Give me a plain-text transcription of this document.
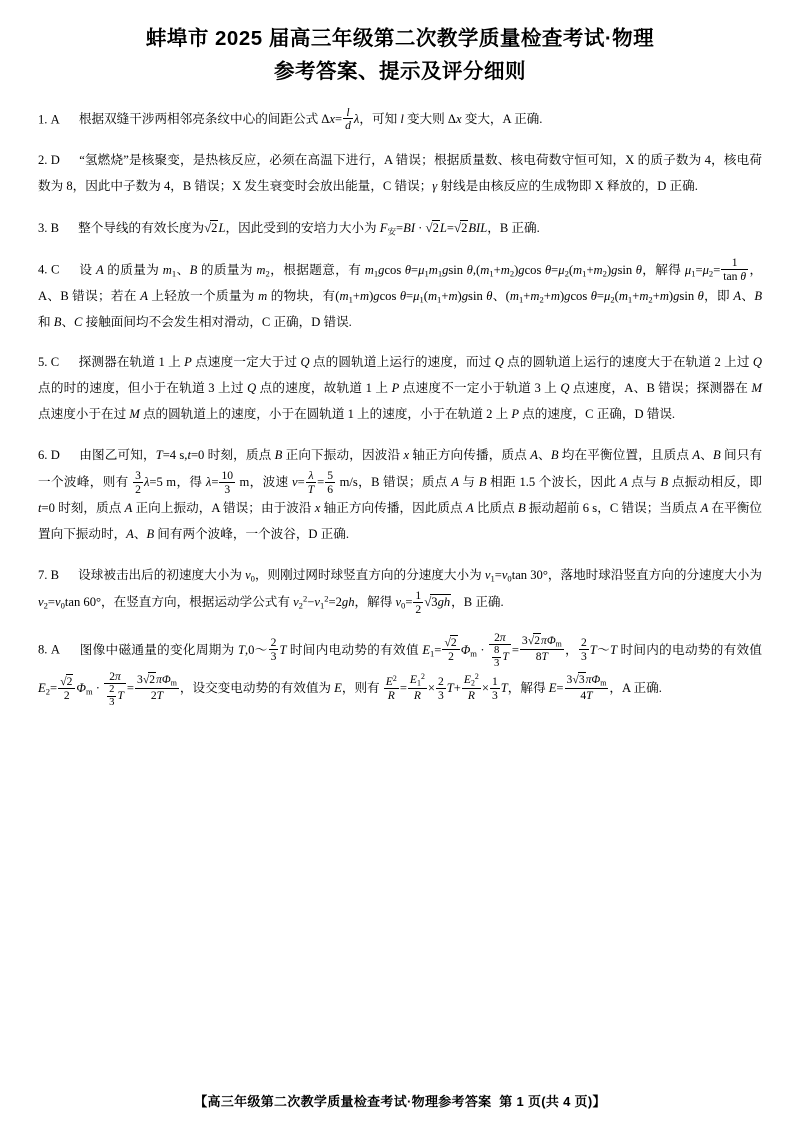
蚌埠市 2025 届高三年级第二次教学质量检查考试·物理
参考答案、提示及评分细则
1. A 根据双缝干涉两相邻亮条纹中心的间距公式 $\Delta x= \frac{l}{d}$ λ，可知 l 变大则 Δx 变大，A 正确.
2. D “氢燃烧”是核聚变，是热核反应，必须在高温下进行，A 错误；根据质量数、核电荷数守恒可知，X 的质子数为 4，核电荷数为 8，因此中子数为 4，B 错误；X 发生衰变时会放出能量，C 错误；γ 射线是由核反应的生成物即 X 释放的，D 正确.
3. B 整个导线的有效长度为√2L，因此受到的安培力大小为 $F_安=BI \cdot √2L=√2BIL$，B 正确.
4. C 设 A 的质量为 $m_1$、B 的质量为 $m_2$，根据题意，有 $m_1gcos$ $\theta=\mu_1m_1gsin$ $\theta,(m_1+m_2)gcos$ $\theta=\mu_2(m_1+m_2)gsin$ θ，解得 $\mu_1=\mu_2= \frac{1}{\text{tan θ}}$ ，A、B 错误；若在 A 上轻放一个质量为 m 的物块，有$(m_1+m)gcos$ $\theta=\mu_1(m_1+m)gsin$ θ、$(m_1+m_2+m)gcos$ $\theta=\mu_2(m_1+m_2+m)gsin$ θ，即 A、B 和 B、C 接触面间均不会发生相对滑动，C 正确，D 错误.
5. C 探测器在轨道 1 上 P 点速度一定大于过 Q 点的圆轨道上运行的速度，而过 Q 点的圆轨道上运行的速度大于在轨道 2 上过 Q 点的时的速度，但小于在轨道 3 上过 Q 点的速度，故轨道 1 上 P 点速度不一定小于轨道 3 上 Q 点速度，A、B 错误；探测器在 M 点速度小于在过 M 点的圆轨道上的速度，小于在圆轨道 1 上的速度，小于在轨道 2 上 P 点的速度，C 正确，D 错误.
6. D 由图乙可知，T=4 s,t=0 时刻，质点 B 正向下振动，因波沿 x 轴正方向传播，质点 A、B 均在平衡位置，且质点 A、B 间只有一个波峰，则有 $\frac{3}{2} \lambda=5$ m，得 $\lambda= \frac{10}{3}$ m，波速 $v= \frac{\lambda}{T} = \frac{5}{6} m/s$，B 错误；质点 A 与 B 相距 1.5 个波长，因此 A 点与 B 点振动相反，即 t=0 时刻，质点 A 正向上振动，A 错误；由于波沿 x 轴正方向传播，因此质点 A 比质点 B 振动超前 6 s，C 错误；当质点 A 在平衡位置向下振动时，A、B 间有两个波峰，一个波谷，D 正确.
7. B 设球被击出后的初速度大小为 $v_0$，则刚过网时球竖直方向的分速度大小为 $v_1=v_0\tan$ 30°，落地时球沿竖直方向的分速度大小为 $v_2=v_0\tan$ 60°，在竖直方向，根据运动学公式有 $v_2^2-v_1^2=2gh$，解得 $v_0= \frac{1}{2} √3gh$，B 正确.
8. A 图像中磁通量的变化周期为 T,0～ $\frac{2}{3}$ T 时间内电动势的有效值 $E_1= \frac{√2}{2} \Phi_m \cdot \frac{2\pi}{\frac{8}{3} T} = \frac{3√2\pi\Phi_m}{8T}$ ， $\frac{2}{3}$ T～T 时间内的电动势的有效值 $E_2= \frac{√2}{2} \Phi_m \cdot \frac{2\pi}{\frac{2}{3} T} = \frac{3√2\pi\Phi_m}{2T}$ ，设交变电动势的有效值为 E，则有 $\frac{E^2}{R} = \frac{E_1^2}{R} \times \frac{2}{3} T+ \frac{E_2^2}{R} \times \frac{1}{3}$ T，解得 $E= \frac{3√3\pi\Phi_m}{4T}$ ，A 正确.
【高三年级第二次教学质量检查考试·物理参考答案 第 1 页(共 4 页)】
